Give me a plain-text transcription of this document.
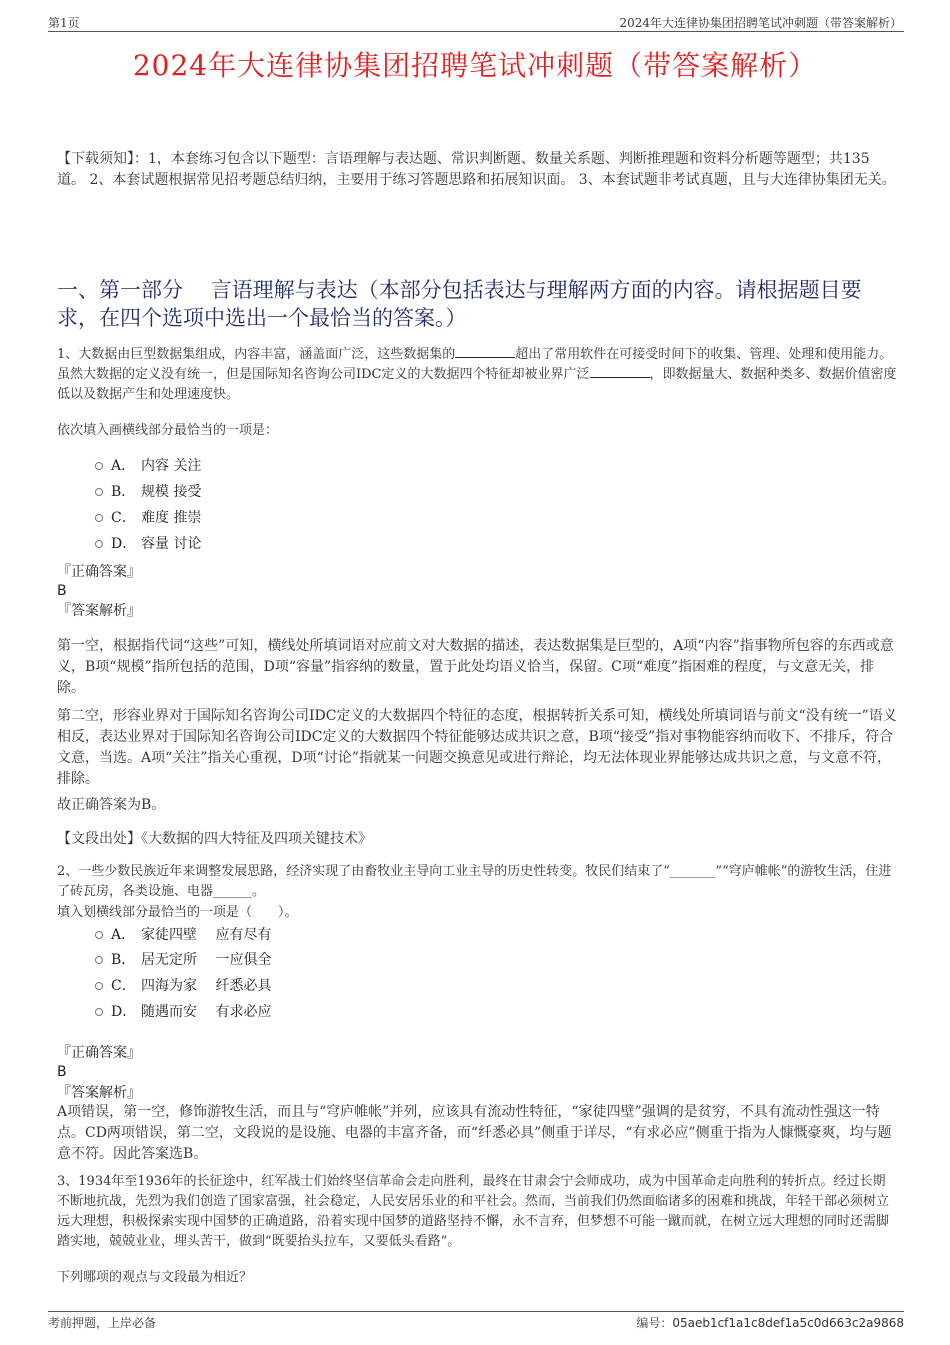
第1页	2024年大连律协集团招聘笔试冲刺题（带答案解析）
2024年大连律协集团招聘笔试冲刺题（带答案解析）
【下载须知】：1，本套练习包含以下题型：言语理解与表达题、常识判断题、数量关系题、判断推理题和资料分析题等题型；共135道。 2、本套试题根据常见招考题总结归纳，主要用于练习答题思路和拓展知识面。 3、本套试题非考试真题，且与大连律协集团无关。
一、第一部分　 言语理解与表达（本部分包括表达与理解两方面的内容。请根据题目要求，在四个选项中选出一个最恰当的答案。）
1、大数据由巨型数据集组成，内容丰富，涵盖面广泛，这些数据集的	超出了常用软件在可接受时间下的收集、管理、处理和使用能力。虽然大数据的定义没有统一，但是国际知名咨询公司IDC定义的大数据四个特征却被业界广泛	，即数据量大、数据种类多、数据价值密度低以及数据产生和处理速度快。
依次填入画横线部分最恰当的一项是：
A． 内容 关注
B． 规模 接受
C． 难度 推崇
D． 容量 讨论
『正确答案』
B
『答案解析』
第一空，根据指代词“这些”可知，横线处所填词语对应前文对大数据的描述，表达数据集是巨型的，A项“内容”指事物所包容的东西或意义，B项“规模”指所包括的范围，D项“容量”指容纳的数量，置于此处均语义恰当，保留。C项“难度”指困难的程度，与文意无关，排除。
第二空，形容业界对于国际知名咨询公司IDC定义的大数据四个特征的态度，根据转折关系可知，横线处所填词语与前文“没有统一”语义相反，表达业界对于国际知名咨询公司IDC定义的大数据四个特征能够达成共识之意，B项“接受”指对事物能容纳而收下、不排斥，符合文意，当选。A项“关注”指关心重视，D项“讨论”指就某一问题交换意见或进行辩论，均无法体现业界能够达成共识之意，与文意不符，排除。
故正确答案为B。
【文段出处】《大数据的四大特征及四项关键技术》
2、一些少数民族近年来调整发展思路，经济实现了由畜牧业主导向工业主导的历史性转变。牧民们结束了“_______”“穹庐帷帐”的游牧生活，住进了砖瓦房，各类设施、电器______。
填入划横线部分最恰当的一项是（　　）。
A． 家徒四壁　 应有尽有
B． 居无定所　 一应俱全
C． 四海为家　 纤悉必具
D． 随遇而安　 有求必应
『正确答案』
B
『答案解析』
A项错误，第一空，修饰游牧生活，而且与“穹庐帷帐”并列，应该具有流动性特征，“家徒四壁”强调的是贫穷，不具有流动性强这一特点。CD两项错误，第二空，文段说的是设施、电器的丰富齐备，而“纤悉必具”侧重于详尽，“有求必应”侧重于指为人慷慨豪爽，均与题意不符。因此答案选B。
3、1934年至1936年的长征途中，红军战士们始终坚信革命会走向胜利，最终在甘肃会宁会师成功，成为中国革命走向胜利的转折点。经过长期不断地抗战，先烈为我们创造了国家富强，社会稳定，人民安居乐业的和平社会。然而，当前我们仍然面临诸多的困难和挑战，年轻干部必须树立远大理想，积极探索实现中国梦的正确道路，沿着实现中国梦的道路坚持不懈，永不言弃，但梦想不可能一蹴而就，在树立远大理想的同时还需脚踏实地，兢兢业业，埋头苦干，做到“既要抬头拉车，又要低头看路”。
下列哪项的观点与文段最为相近？
考前押题，上岸必备	编号：05aeb1cf1a1c8def1a5c0d663c2a9868
